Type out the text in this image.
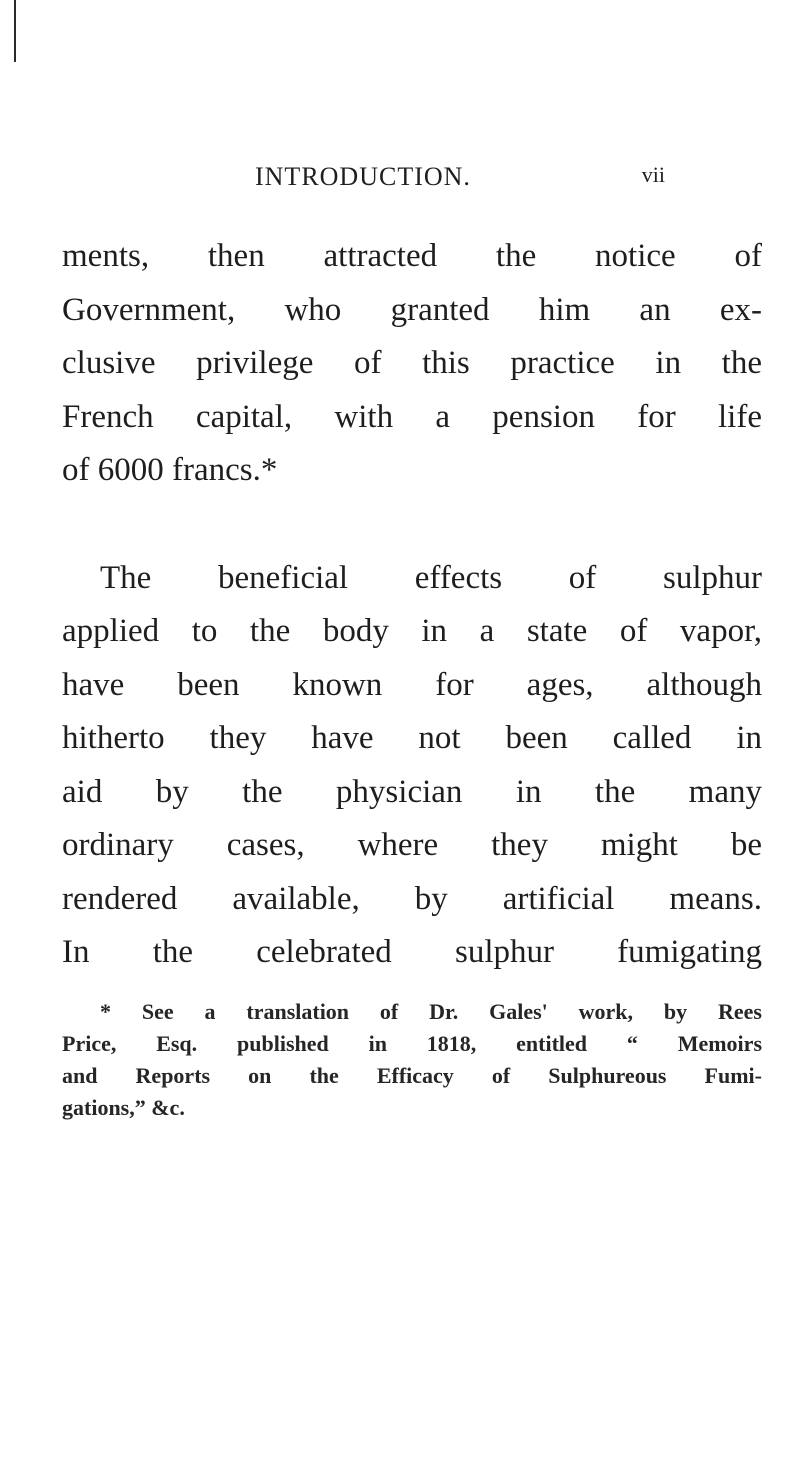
INTRODUCTION.	vii
ments, then attracted the notice of
Government, who granted him an ex-
clusive privilege of this practice in the
French capital, with a pension for life
of 6000 francs.*
The beneficial effects of sulphur
applied to the body in a state of vapor,
have been known for ages, although
hitherto they have not been called in
aid by the physician in the many
ordinary cases, where they might be
rendered available, by artificial means.
In the celebrated sulphur fumigating
* See a translation of Dr. Gales' work, by Rees
Price, Esq. published in 1818, entitled “ Memoirs
and Reports on the Efficacy of Sulphureous Fumi-
gations,” &c.
